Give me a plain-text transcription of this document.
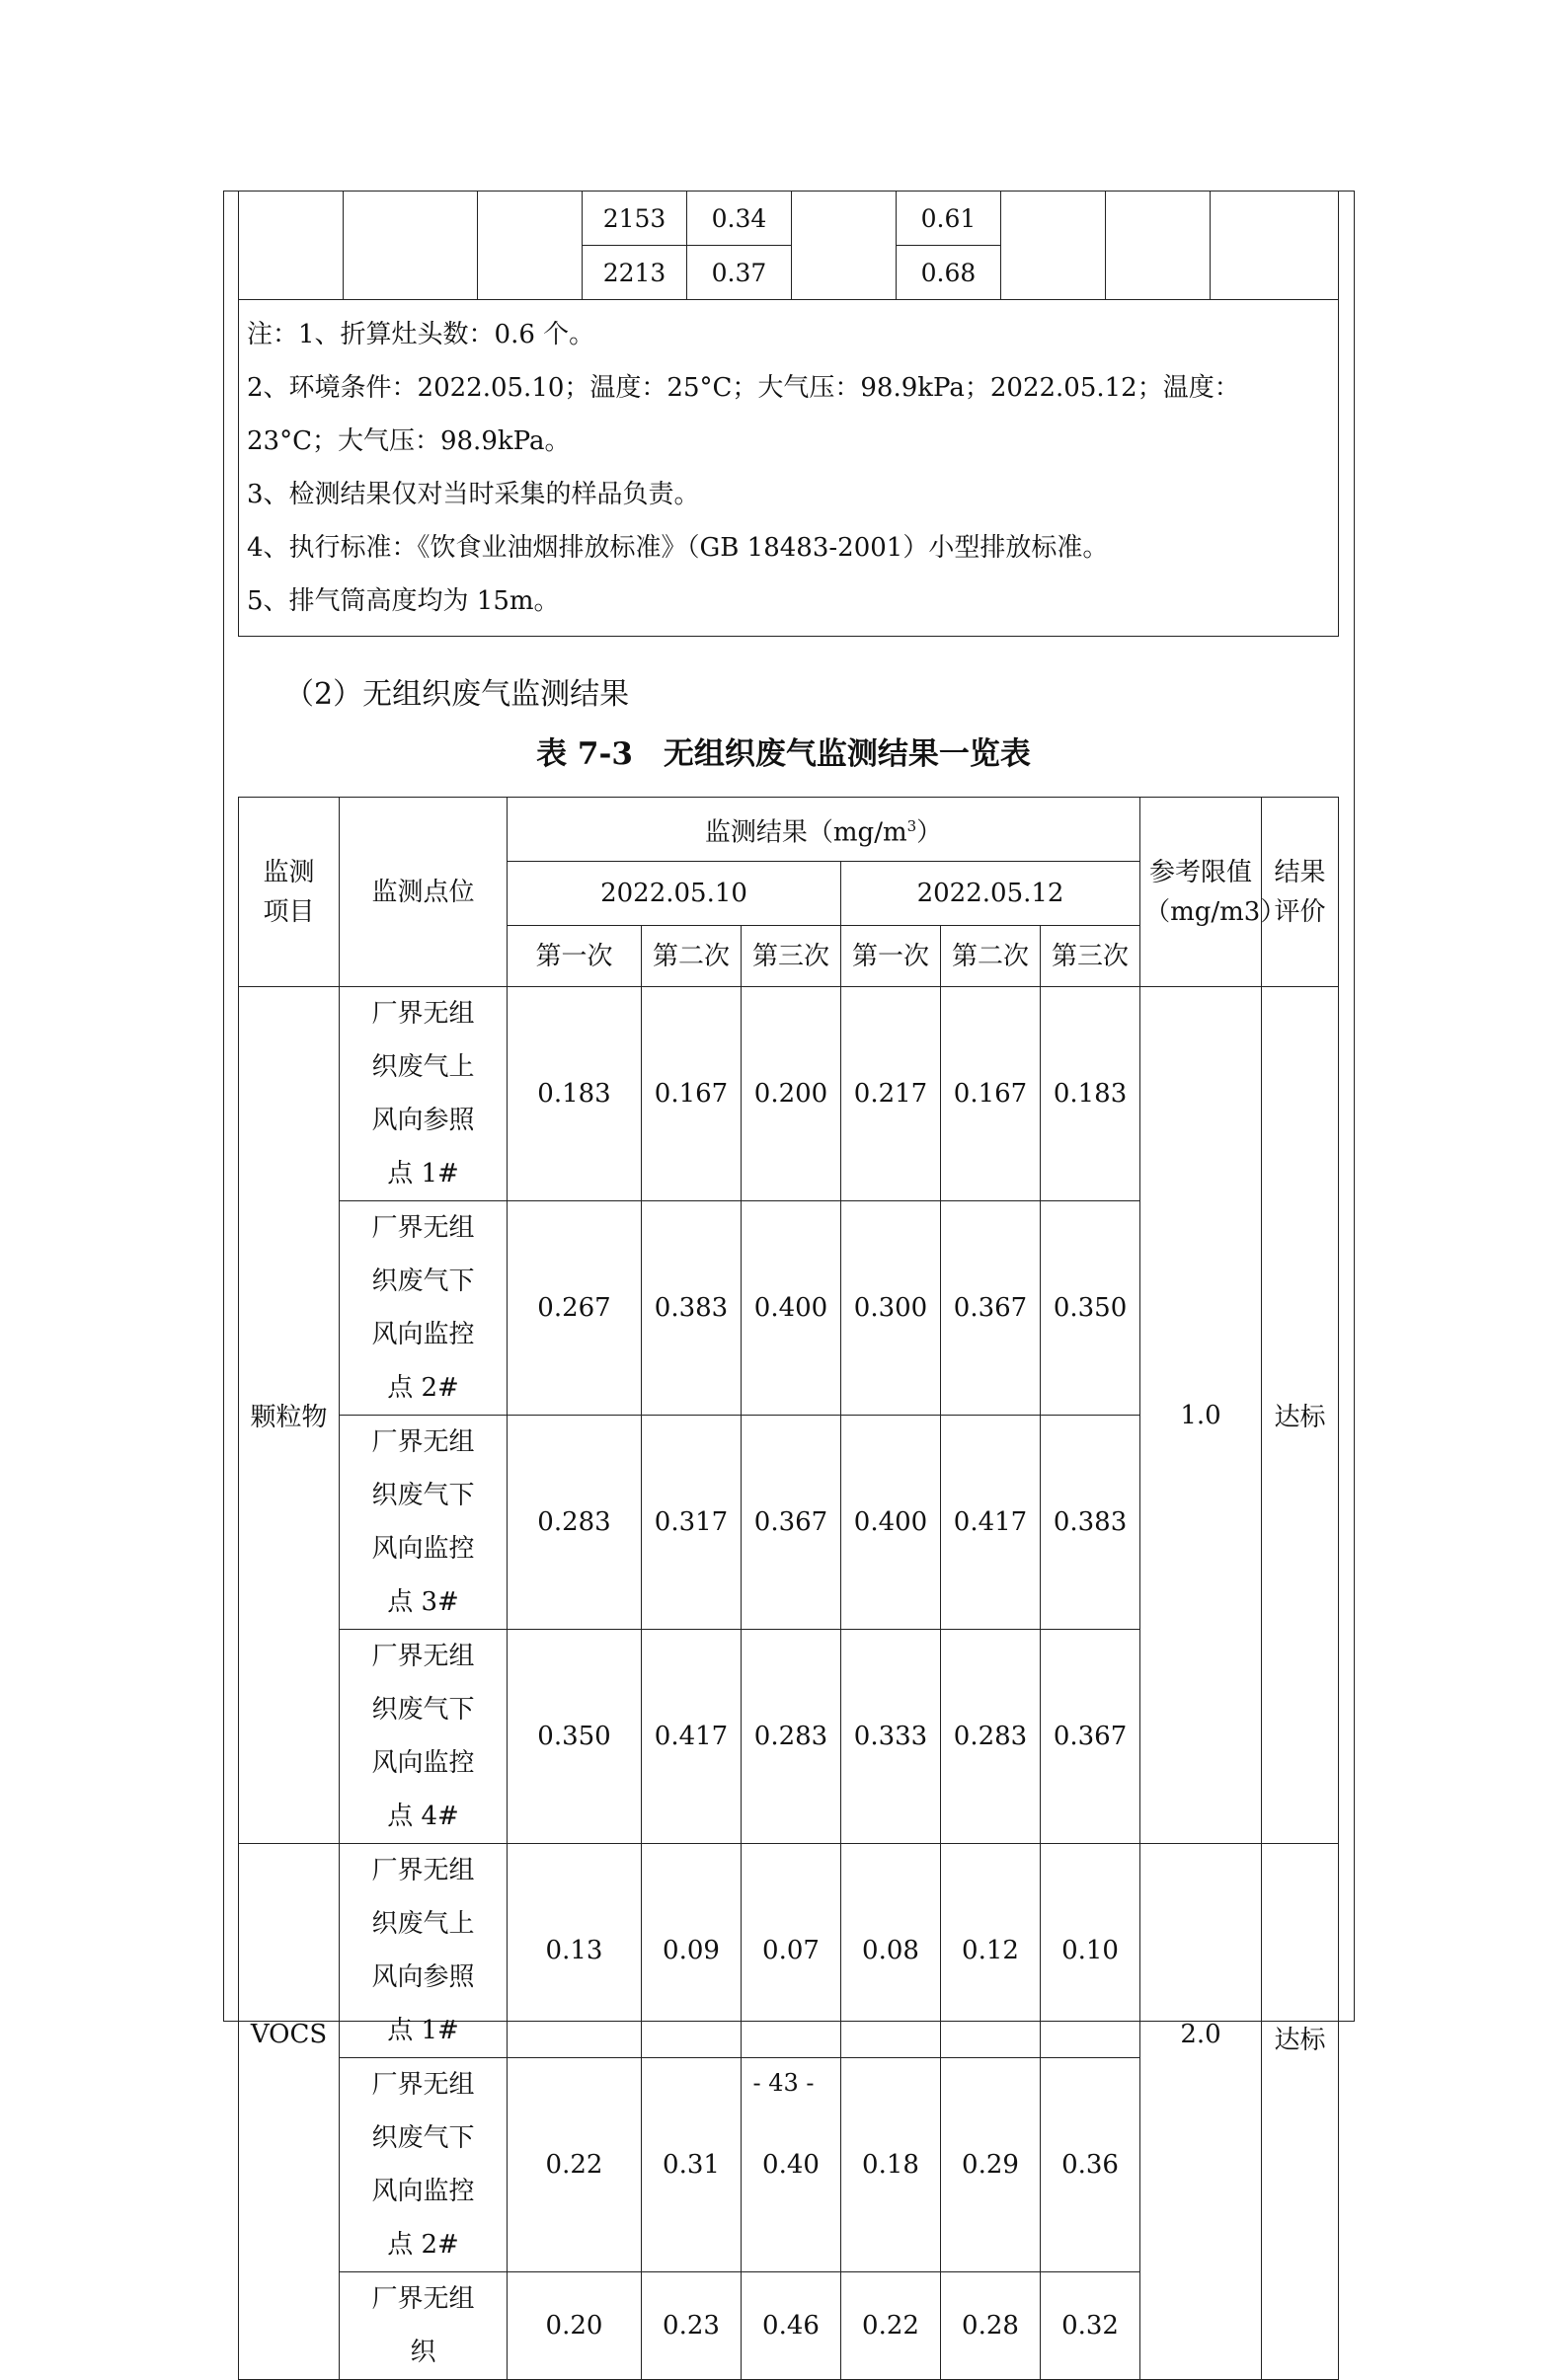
			2153	0.34		0.61			
			2213	0.37		0.68			

注：1、折算灶头数：0.6 个。

2、环境条件：2022.05.10；温度：25°C；大气压：98.9kPa；2022.05.12；温度：23°C；大气压：98.9kPa。

3、检测结果仅对当时采集的样品负责。

4、执行标准：《饮食业油烟排放标准》（GB 18483-2001）小型排放标准。

5、排气筒高度均为 15m。									

（2）无组织废气监测结果
表 7-3　无组织废气监测结果一览表
监测项目	监测点位	监测结果$(mg/m^3)$						参考限值（mg/m3）	结果评价
		2022.05.10			2022.05.12				
		第一次	第二次	第三次	第一次	第二次	第三次		
颗粒物	厂界无组织废气上风向参照点 1#	0.183	0.167	0.200	0.217	0.167	0.183	1.0	达标
	厂界无组织废气下风向监控点 2#	0.267	0.383	0.400	0.300	0.367	0.350		
	厂界无组织废气下风向监控点 3#	0.283	0.317	0.367	0.400	0.417	0.383		
	厂界无组织废气下风向监控点 4#	0.350	0.417	0.283	0.333	0.283	0.367		
VOCS	厂界无组织废气上风向参照点 1#	0.13	0.09	0.07	0.08	0.12	0.10	2.0	达标
	厂界无组织废气下风向监控点 2#	0.22	0.31	0.40	0.18	0.29	0.36		
	厂界无组织	0.20	0.23	0.46	0.22	0.28	0.32		
- 43 -
